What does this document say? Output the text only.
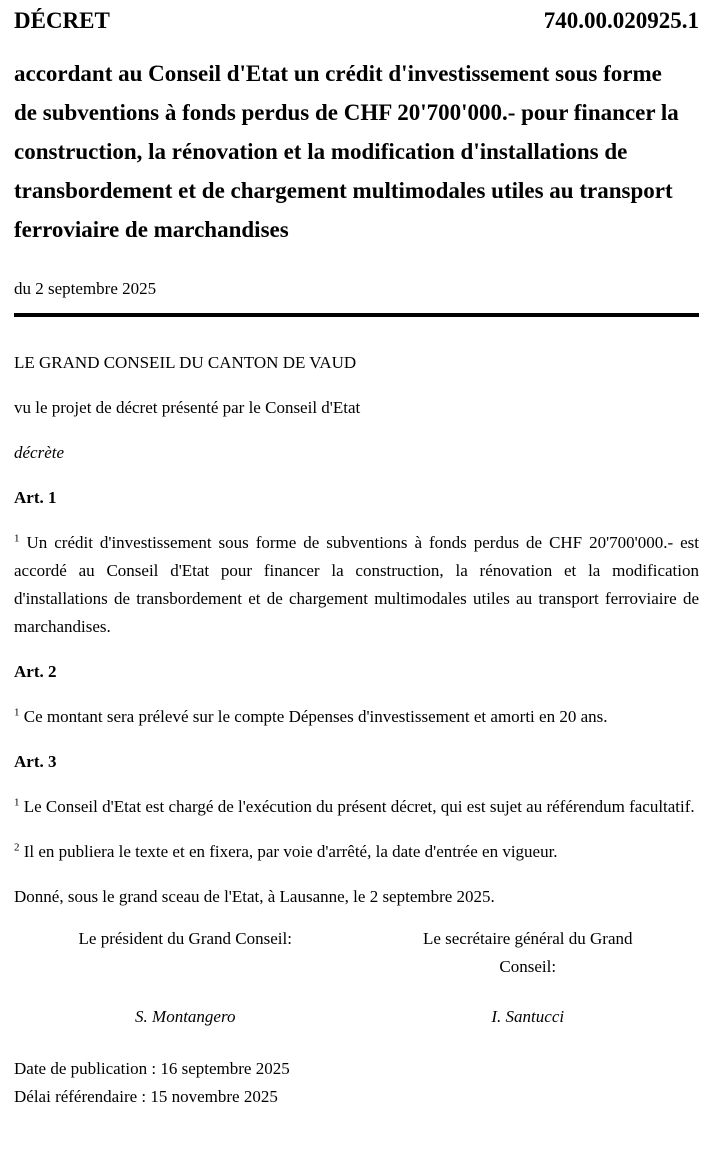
DÉCRET	740.00.020925.1
accordant au Conseil d'Etat un crédit d'investissement sous forme de subventions à fonds perdus de CHF 20'700'000.- pour financer la construction, la rénovation et la modification d'installations de transbordement et de chargement multimodales utiles au transport ferroviaire de marchandises

du 2 septembre 2025

LE GRAND CONSEIL DU CANTON DE VAUD

vu le projet de décret présenté par le Conseil d'Etat

décrète

Art. 1

$^1$ Un crédit d'investissement sous forme de subventions à fonds perdus de CHF 20'700'000.- est accordé au Conseil d'Etat pour financer la construction, la rénovation et la modification d'installations de transbordement et de chargement multimodales utiles au transport ferroviaire de marchandises.

Art. 2

$^1$ Ce montant sera prélevé sur le compte Dépenses d'investissement et amorti en 20 ans.

Art. 3

$^1$ Le Conseil d'Etat est chargé de l'exécution du présent décret, qui est sujet au référendum facultatif.

$^2$ Il en publiera le texte et en fixera, par voie d'arrêté, la date d'entrée en vigueur.

Donné, sous le grand sceau de l'Etat, à Lausanne, le 2 septembre 2025.

Le président du Grand Conseil:	Le secrétaire général du Grand Conseil:
S. Montangero	I. Santucci
Date de publication : 16 septembre 2025
Délai référendaire : 15 novembre 2025
